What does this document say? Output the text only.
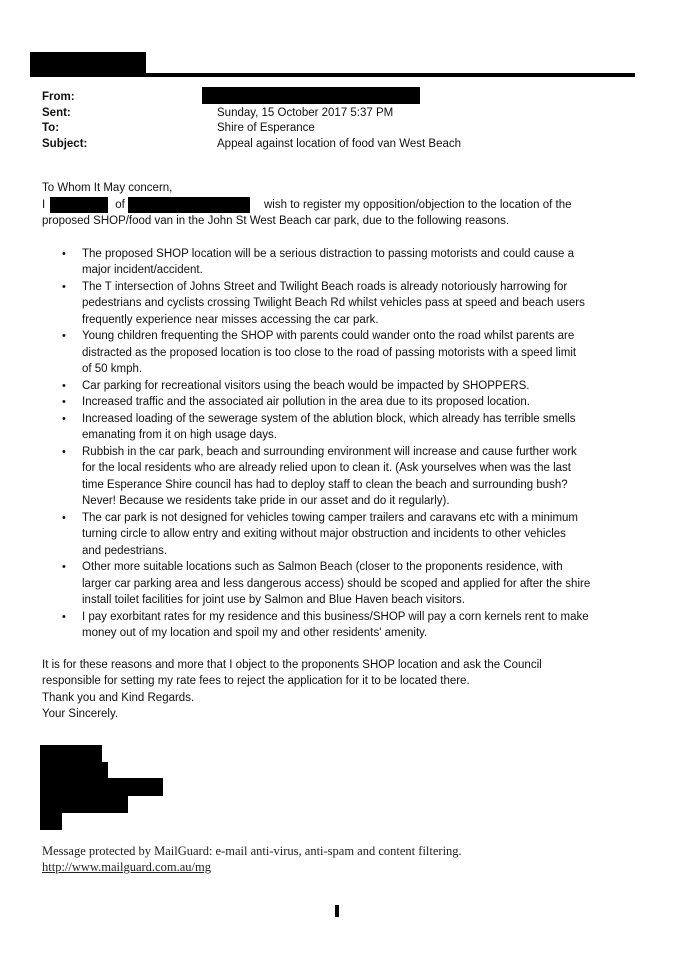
From:
Sent:	Sunday, 15 October 2017 5:37 PM
To:	Shire of Esperance
Subject:	Appeal against location of food van West Beach
To Whom It May concern,
I	of	wish to register my opposition/objection to the location of the
proposed SHOP/food van in the John St West Beach car park, due to the following reasons.
• The proposed SHOP location will be a serious distraction to passing motorists and could cause a
major incident/accident.
• The T intersection of Johns Street and Twilight Beach roads is already notoriously harrowing for
pedestrians and cyclists crossing Twilight Beach Rd whilst vehicles pass at speed and beach users
frequently experience near misses accessing the car park.
• Young children frequenting the SHOP with parents could wander onto the road whilst parents are
distracted as the proposed location is too close to the road of passing motorists with a speed limit
of 50 kmph.
• Car parking for recreational visitors using the beach would be impacted by SHOPPERS.
• Increased traffic and the associated air pollution in the area due to its proposed location.
• Increased loading of the sewerage system of the ablution block, which already has terrible smells
emanating from it on high usage days.
• Rubbish in the car park, beach and surrounding environment will increase and cause further work
for the local residents who are already relied upon to clean it. (Ask yourselves when was the last
time Esperance Shire council has had to deploy staff to clean the beach and surrounding bush?
Never! Because we residents take pride in our asset and do it regularly).
• The car park is not designed for vehicles towing camper trailers and caravans etc with a minimum
turning circle to allow entry and exiting without major obstruction and incidents to other vehicles
and pedestrians.
• Other more suitable locations such as Salmon Beach (closer to the proponents residence, with
larger car parking area and less dangerous access) should be scoped and applied for after the shire
install toilet facilities for joint use by Salmon and Blue Haven beach visitors.
• I pay exorbitant rates for my residence and this business/SHOP will pay a corn kernels rent to make
money out of my location and spoil my and other residents' amenity.
It is for these reasons and more that I object to the proponents SHOP location and ask the Council
responsible for setting my rate fees to reject the application for it to be located there.
Thank you and Kind Regards.
Your Sincerely.
Message protected by MailGuard: e-mail anti-virus, anti-spam and content filtering.
http://www.mailguard.com.au/mg
